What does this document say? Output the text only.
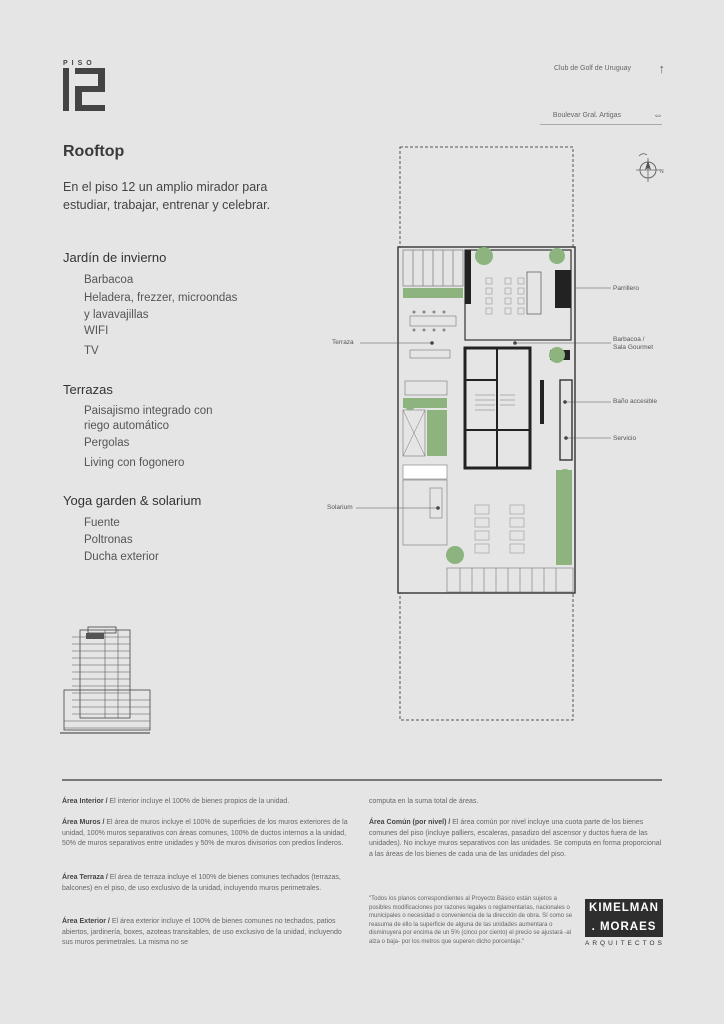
PISO
Club de Golf de Uruguay ↑
Boulevar Gral. Artigas	⇔
Rooftop
En el piso 12 un amplio mirador para estudiar, trabajar, entrenar y celebrar.
Jardín de invierno
Barbacoa
Heladera, frezzer, microondas
y lavavajillas
WIFI
TV
Terrazas
Paisajismo integrado con
riego automático
Pergolas
Living con fogonero
Yoga garden & solarium
Fuente
Poltronas
Ducha exterior
N
Terraza
Solarium
Parrillero
Barbacoa /
Sala Gourmet
Baño accesible
Servicio
Área Interior / El interior incluye el 100% de bienes propios de la unidad.
Área Muros / El área de muros incluye el 100% de superficies de los muros exteriores de la unidad, 100% muros separativos con áreas comunes, 100% de ductos internos a la unidad, 50% de muros separativos entre unidades y 50% de muros divisorios con predios linderos.
Área Terraza / El área de terraza incluye el 100% de bienes comunes techados (terrazas, balcones) en el piso, de uso exclusivo de la unidad, incluyendo muros perimetrales.
Área Exterior / El área exterior incluye el 100% de bienes comunes no techados, patios abiertos, jardinería, boxes, azoteas transitables, de uso exclusivo de la unidad, incluyendo sus muros perimetrales. La misma no se
computa en la suma total de áreas.
Área Común (por nivel) / El área común por nivel incluye una cuota parte de los bienes comunes del piso (incluye palliers, escaleras, pasadizo del ascensor y ductos fuera de las unidades). No incluye muros separativos con las unidades. Se computa en forma proporcional a las áreas de los bienes de cada una de las unidades del piso.
"Todos los planos correspondientes al Proyecto Básico están sujetos a posibles modificaciones por razones legales o reglamentarias, nacionales o municipales o necesidad o conveniencia de la dirección de obra. Sí como se reasuma de ello la superficie de alguna de las unidades aumentara o disminuyera por encima de un 5% (cinco por ciento) el precio se ajustará -al alza o baja- por los metros que superen dicho porcentaje."
KIMELMAN
. MORAES
ARQUITECTOS
